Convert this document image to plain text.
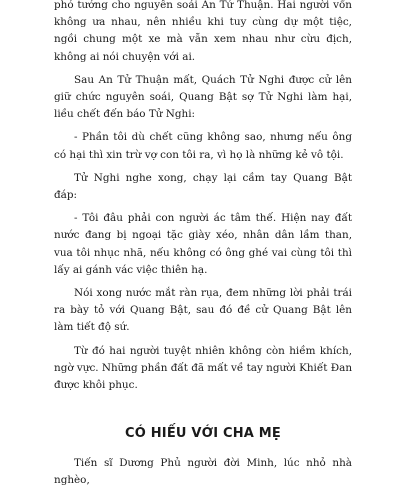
phó tướng cho nguyên soái An Tử Thuận. Hai người vốn không ưa nhau, nên nhiều khi tuy cùng dự một tiệc, ngồi chung một xe mà vẫn xem nhau như cừu địch, không ai nói chuyện với ai.

Sau An Tử Thuận mất, Quách Tử Nghi được cử lên giữ chức nguyên soái, Quang Bật sợ Tử Nghi làm hại, liều chết đến báo Tử Nghi:

- Phần tôi dù chết cũng không sao, nhưng nếu ông có hại thì xin trừ vợ con tôi ra, vì họ là những kẻ vô tội.

Tử Nghi nghe xong, chạy lại cầm tay Quang Bật đáp:

- Tôi đâu phải con người ác tâm thế. Hiện nay đất nước đang bị ngoại tặc giày xéo, nhân dân lầm than, vua tôi nhục nhã, nếu không có ông ghé vai cùng tôi thì lấy ai gánh vác việc thiên hạ.

Nói xong nước mắt ràn rụa, đem những lời phải trái ra bày tỏ với Quang Bật, sau đó đề cử Quang Bật lên làm tiết độ sứ.

Từ đó hai người tuyệt nhiên không còn hiềm khích, ngờ vực. Những phần đất đã mất về tay người Khiết Đan được khôi phục.

CÓ HIẾU VỚI CHA MẸ

Tiến sĩ Dương Phủ người đời Minh, lúc nhỏ nhà nghèo,
